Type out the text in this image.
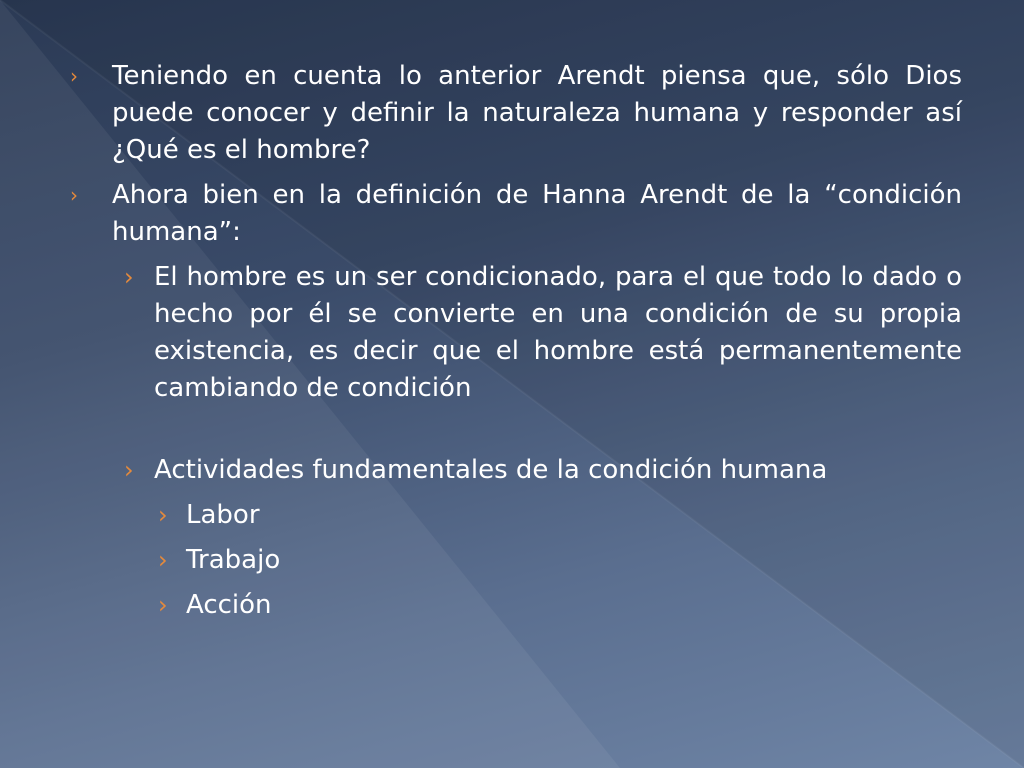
› Teniendo en cuenta lo anterior Arendt piensa que, sólo Dios puede conocer y definir la naturaleza humana y responder así ¿Qué es el hombre?
› Ahora bien en la definición de Hanna Arendt de la “condición humana”:
› El hombre es un ser condicionado, para el que todo lo dado o hecho por él se convierte en una condición de su propia existencia, es decir que el hombre está permanentemente cambiando de condición
› Actividades fundamentales de la condición humana
› Labor
› Trabajo
› Acción
